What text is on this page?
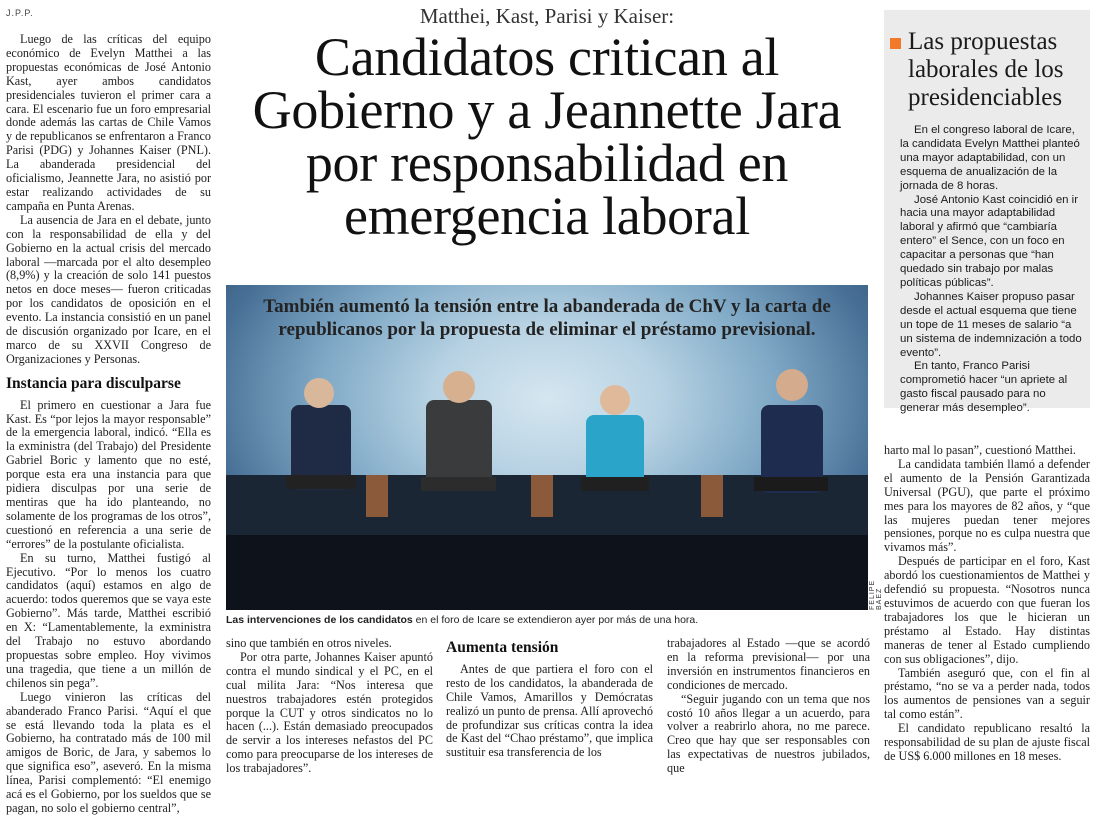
J.P.P.

Luego de las críticas del equipo económico de Evelyn Matthei a las propuestas económicas de José Antonio Kast, ayer ambos candidatos presidenciales tuvieron el primer cara a cara. El escenario fue un foro empresarial donde además las cartas de Chile Vamos y de republicanos se enfrentaron a Franco Parisi (PDG) y Johannes Kaiser (PNL). La abanderada presidencial del oficialismo, Jeannette Jara, no asistió por estar realizando actividades de su campaña en Punta Arenas.

La ausencia de Jara en el debate, junto con la responsabilidad de ella y del Gobierno en la actual crisis del mercado laboral —marcada por el alto desempleo (8,9%) y la creación de solo 141 puestos netos en doce meses— fueron criticadas por los candidatos de oposición en el evento. La instancia consistió en un panel de discusión organizado por Icare, en el marco de su XXVII Congreso de Organizaciones y Personas.

Instancia para disculparse

El primero en cuestionar a Jara fue Kast. Es “por lejos la mayor responsable” de la emergencia laboral, indicó. “Ella es la exministra (del Trabajo) del Presidente Gabriel Boric y lamento que no esté, porque esta era una instancia para que pidiera disculpas por una serie de mentiras que ha ido planteando, no solamente de los programas de los otros”, cuestionó en referencia a una serie de “errores” de la postulante oficialista.

En su turno, Matthei fustigó al Ejecutivo. “Por lo menos los cuatro candidatos (aquí) estamos en algo de acuerdo: todos queremos que se vaya este Gobierno”. Más tarde, Matthei escribió en X: “Lamentablemente, la exministra del Trabajo no estuvo abordando propuestas sobre empleo. Hoy vivimos una tragedia, que tiene a un millón de chilenos sin pega”.

Luego vinieron las críticas del abanderado Franco Parisi. “Aquí el que se está llevando toda la plata es el Gobierno, ha contratado más de 100 mil amigos de Boric, de Jara, y sabemos lo que significa eso”, aseveró. En la misma línea, Parisi complementó: “El enemigo acá es el Gobierno, por los sueldos que se pagan, no solo el gobierno central”,

Matthei, Kast, Parisi y Kaiser:
Candidatos critican al Gobierno y a Jeannette Jara por responsabilidad en emergencia laboral
También aumentó la tensión entre la abanderada de ChV y la carta de republicanos por la propuesta de eliminar el préstamo previsional.
FELIPE BAEZ
Las intervenciones de los candidatos en el foro de Icare se extendieron ayer por más de una hora.

sino que también en otros niveles.

Por otra parte, Johannes Kaiser apuntó contra el mundo sindical y el PC, en el cual milita Jara: “Nos interesa que nuestros trabajadores estén protegidos porque la CUT y otros sindicatos no lo hacen (...). Están demasiado preocupados de servir a los intereses nefastos del PC como para preocuparse de los intereses de los trabajadores”.

Aumenta tensión

Antes de que partiera el foro con el resto de los candidatos, la abanderada de Chile Vamos, Amarillos y Demócratas realizó un punto de prensa. Allí aprovechó de profundizar sus críticas contra la idea de Kast del “Chao préstamo”, que implica sustituir esa transferencia de los

trabajadores al Estado —que se acordó en la reforma previsional— por una inversión en instrumentos financieros en condiciones de mercado.

“Seguir jugando con un tema que nos costó 10 años llegar a un acuerdo, para volver a reabrirlo ahora, no me parece. Creo que hay que ser responsables con las expectativas de nuestros jubilados, que

Las propuestas laborales de los presidenciables

En el congreso laboral de Icare, la candidata Evelyn Matthei planteó una mayor adaptabilidad, con un esquema de anualización de la jornada de 8 horas.

José Antonio Kast coincidió en ir hacia una mayor adaptabilidad laboral y afirmó que “cambiaría entero” el Sence, con un foco en capacitar a personas que “han quedado sin trabajo por malas políticas públicas”.

Johannes Kaiser propuso pasar desde el actual esquema que tiene un tope de 11 meses de salario “a un sistema de indemnización a todo evento”.

En tanto, Franco Parisi comprometió hacer “un apriete al gasto fiscal pausado para no generar más desempleo”.

harto mal lo pasan”, cuestionó Matthei.

La candidata también llamó a defender el aumento de la Pensión Garantizada Universal (PGU), que parte el próximo mes para los mayores de 82 años, y “que las mujeres puedan tener mejores pensiones, porque no es culpa nuestra que vivamos más”.

Después de participar en el foro, Kast abordó los cuestionamientos de Matthei y defendió su propuesta. “Nosotros nunca estuvimos de acuerdo con que fueran los trabajadores los que le hicieran un préstamo al Estado. Hay distintas maneras de tener al Estado cumpliendo con sus obligaciones”, dijo.

También aseguró que, con el fin al préstamo, “no se va a perder nada, todos los aumentos de pensiones van a seguir tal como están”.

El candidato republicano resaltó la responsabilidad de su plan de ajuste fiscal de US$ 6.000 millones en 18 meses.
